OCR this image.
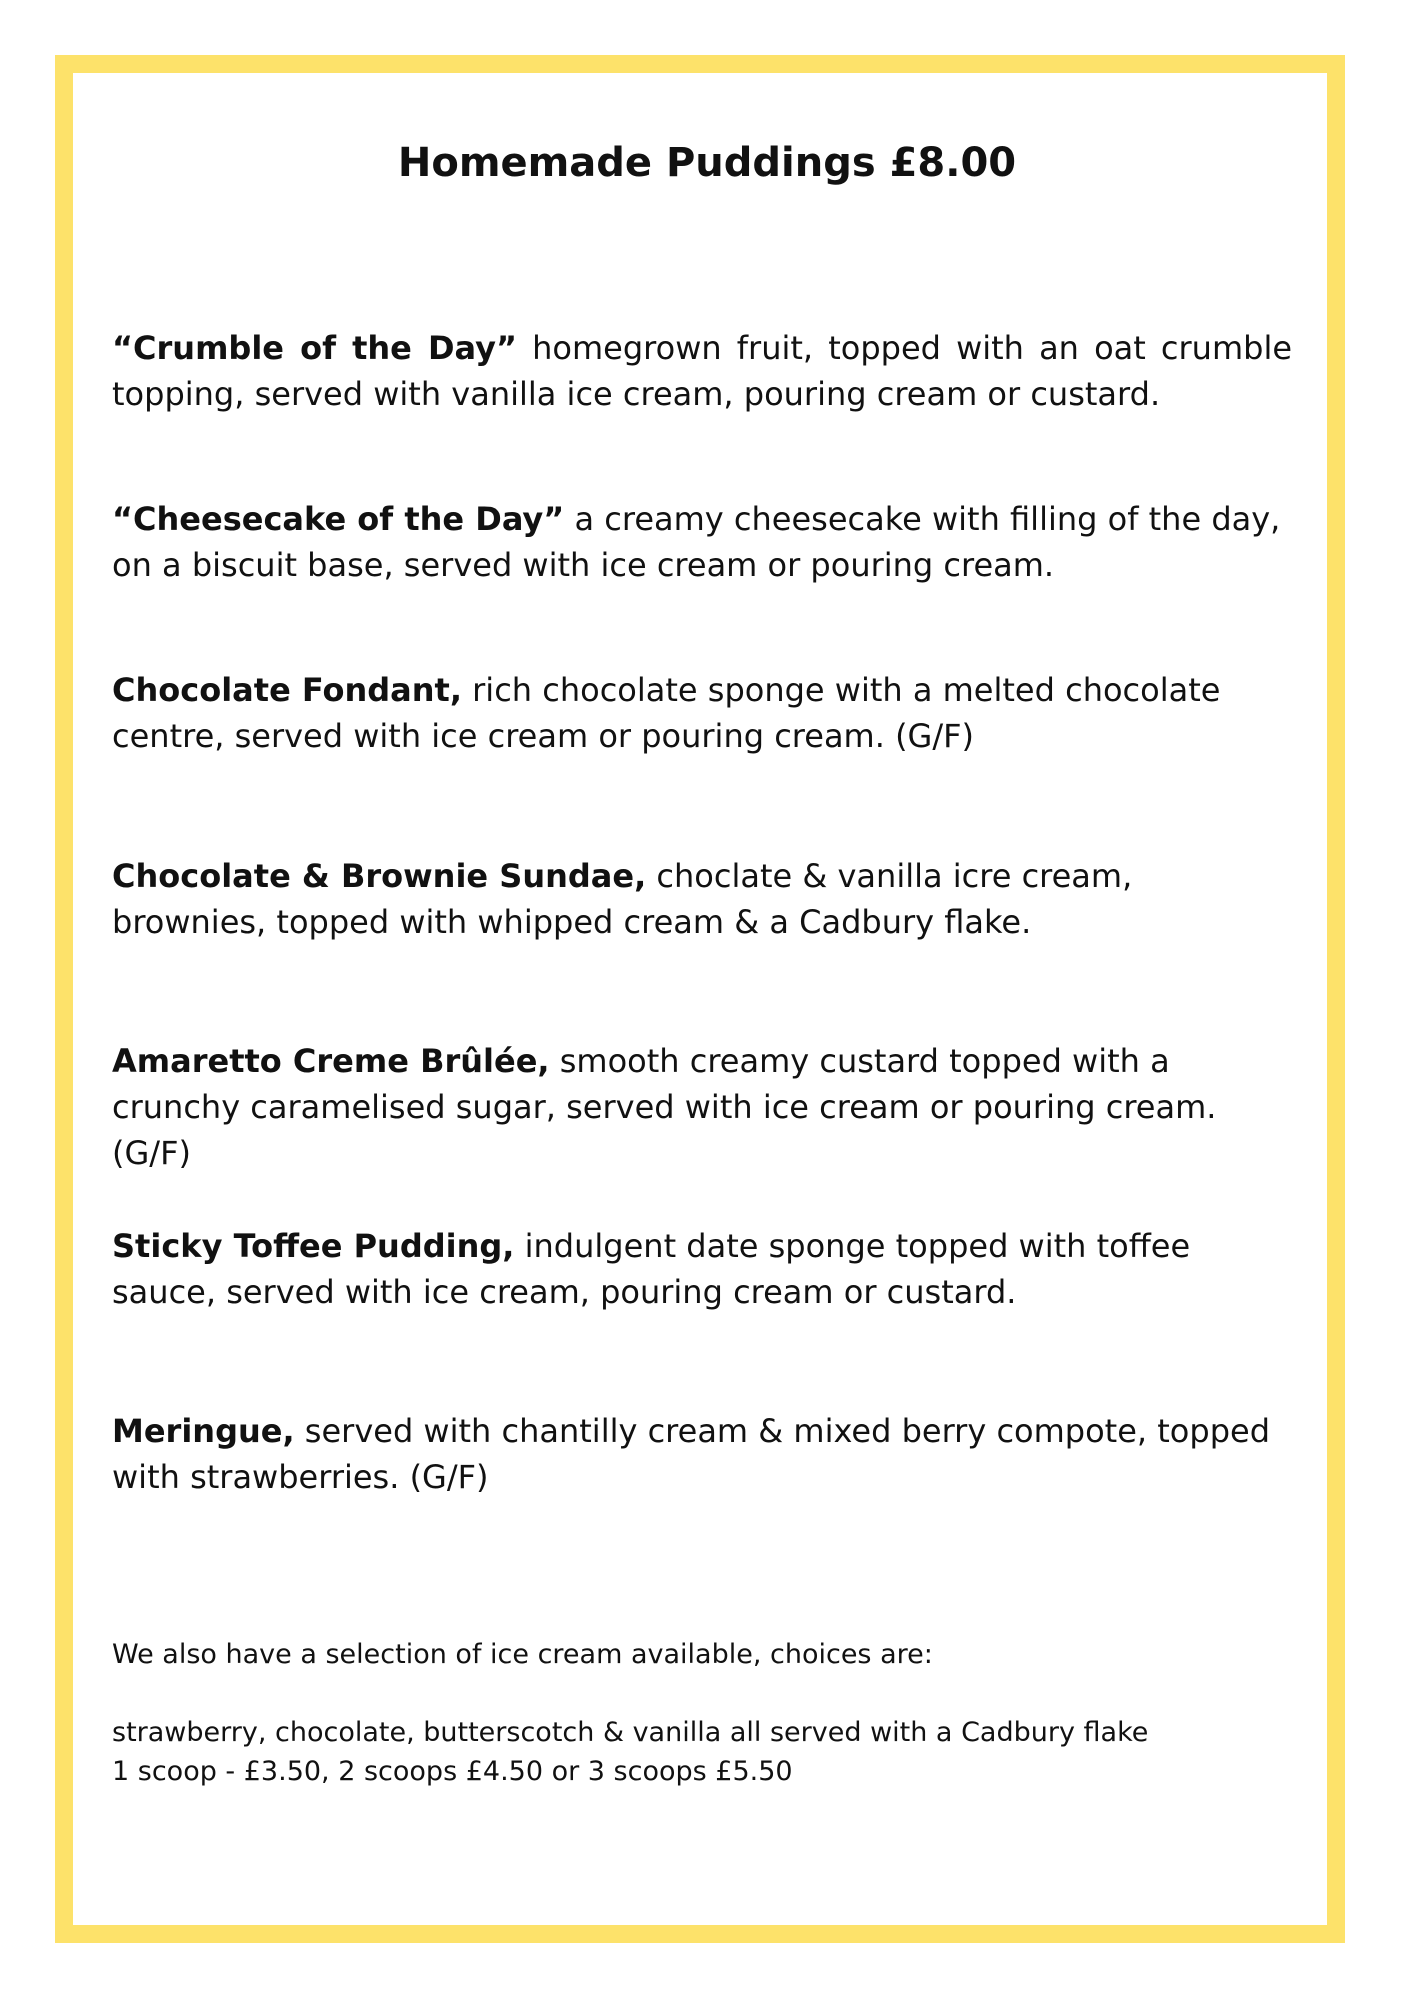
Homemade Puddings £8.00

“Crumble of the Day” homegrown fruit, topped with an oat crumble topping, served with vanilla ice cream, pouring cream or custard.

“Cheesecake of the Day” a creamy cheesecake with filling of the day, on a biscuit base, served with ice cream or pouring cream.

Chocolate Fondant, rich chocolate sponge with a melted chocolate centre, served with ice cream or pouring cream. (G/F)

Chocolate & Brownie Sundae, choclate & vanilla icre cream, brownies, topped with whipped cream & a Cadbury flake.

Amaretto Creme Brûlée, smooth creamy custard topped with a crunchy caramelised sugar, served with ice cream or pouring cream. (G/F)

Sticky Toffee Pudding, indulgent date sponge topped with toffee sauce, served with ice cream, pouring cream or custard.

Meringue, served with chantilly cream & mixed berry compote, topped with strawberries. (G/F)

We also have a selection of ice cream available, choices are:

strawberry, chocolate, butterscotch & vanilla all served with a Cadbury flake
1 scoop - £3.50, 2 scoops £4.50 or 3 scoops £5.50
